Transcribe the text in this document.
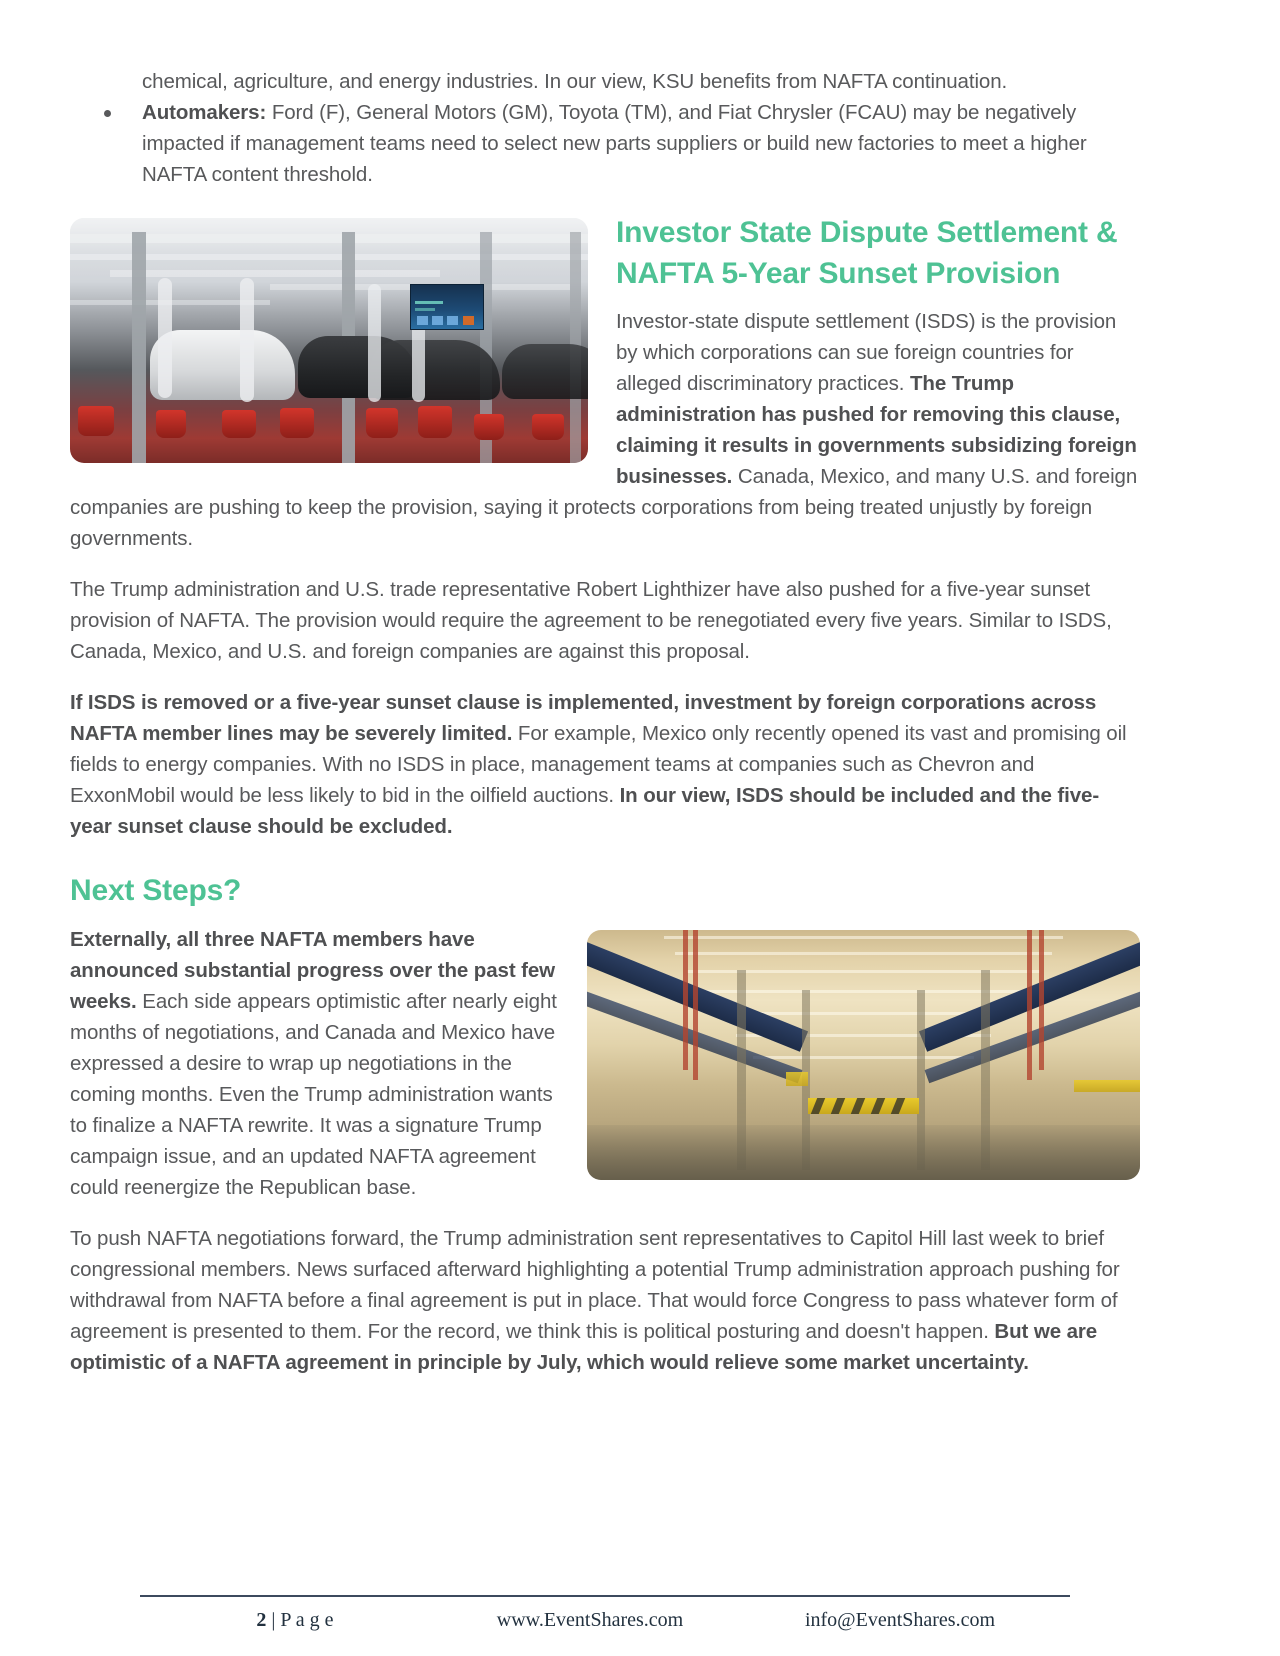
chemical, agriculture, and energy industries. In our view, KSU benefits from NAFTA continuation.
Automakers: Ford (F), General Motors (GM), Toyota (TM), and Fiat Chrysler (FCAU) may be negatively impacted if management teams need to select new parts suppliers or build new factories to meet a higher NAFTA content threshold.
Investor State Dispute Settlement & NAFTA 5-Year Sunset Provision

Investor-state dispute settlement (ISDS) is the provision by which corporations can sue foreign countries for alleged discriminatory practices. The Trump administration has pushed for removing this clause, claiming it results in governments subsidizing foreign businesses. Canada, Mexico, and many U.S. and foreign companies are pushing to keep the provision, saying it protects corporations from being treated unjustly by foreign governments.

The Trump administration and U.S. trade representative Robert Lighthizer have also pushed for a five-year sunset provision of NAFTA. The provision would require the agreement to be renegotiated every five years. Similar to ISDS, Canada, Mexico, and U.S. and foreign companies are against this proposal.

If ISDS is removed or a five-year sunset clause is implemented, investment by foreign corporations across NAFTA member lines may be severely limited. For example, Mexico only recently opened its vast and promising oil fields to energy companies. With no ISDS in place, management teams at companies such as Chevron and ExxonMobil would be less likely to bid in the oilfield auctions. In our view, ISDS should be included and the five-year sunset clause should be excluded.

Next Steps?

Externally, all three NAFTA members have announced substantial progress over the past few weeks. Each side appears optimistic after nearly eight months of negotiations, and Canada and Mexico have expressed a desire to wrap up negotiations in the coming months. Even the Trump administration wants to finalize a NAFTA rewrite. It was a signature Trump campaign issue, and an updated NAFTA agreement could reenergize the Republican base.

To push NAFTA negotiations forward, the Trump administration sent representatives to Capitol Hill last week to brief congressional members. News surfaced afterward highlighting a potential Trump administration approach pushing for withdrawal from NAFTA before a final agreement is put in place. That would force Congress to pass whatever form of agreement is presented to them. For the record, we think this is political posturing and doesn't happen. But we are optimistic of a NAFTA agreement in principle by July, which would relieve some market uncertainty.

2 | P a g e	www.EventShares.com	info@EventShares.com
